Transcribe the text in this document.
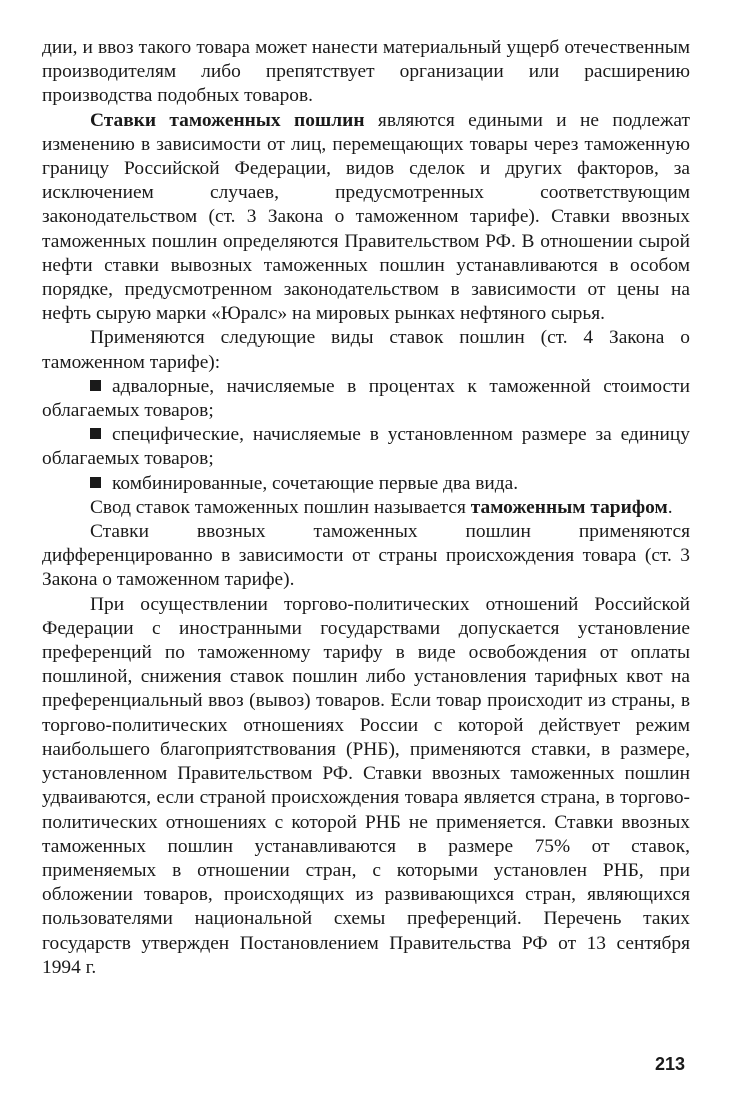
дии, и ввоз такого товара может нанести материальный ущерб отечественным производителям либо препятствует организации или расширению производства подобных товаров.

Ставки таможенных пошлин являются едиными и не подлежат изменению в зависимости от лиц, перемещающих товары через таможенную границу Российской Федерации, видов сделок и других факторов, за исключением случаев, предусмотренных соответствующим законодательством (ст. 3 Закона о таможенном тарифе). Ставки ввозных таможенных пошлин определяются Правительством РФ. В отношении сырой нефти ставки вывозных таможенных пошлин устанавливаются в особом порядке, предусмотренном законодательством в зависимости от цены на нефть сырую марки «Юралс» на мировых рынках нефтяного сырья.

Применяются следующие виды ставок пошлин (ст. 4 Закона о таможенном тарифе):

адвалорные, начисляемые в процентах к таможенной стоимости облагаемых товаров;
специфические, начисляемые в установленном размере за единицу облагаемых товаров;
комбинированные, сочетающие первые два вида.

Свод ставок таможенных пошлин называется таможенным тарифом.

Ставки ввозных таможенных пошлин применяются дифференцированно в зависимости от страны происхождения товара (ст. 3 Закона о таможенном тарифе).

При осуществлении торгово-политических отношений Российской Федерации с иностранными государствами допускается установление преференций по таможенному тарифу в виде освобождения от оплаты пошлиной, снижения ставок пошлин либо установления тарифных квот на преференциальный ввоз (вывоз) товаров. Если товар происходит из страны, в торгово-политических отношениях России с которой действует режим наибольшего благоприятствования (РНБ), применяются ставки, в размере, установленном Правительством РФ. Ставки ввозных таможенных пошлин удваиваются, если страной происхождения товара является страна, в торгово-политических отношениях с которой РНБ не применяется. Ставки ввозных таможенных пошлин устанавливаются в размере 75% от ставок, применяемых в отношении стран, с которыми установлен РНБ, при обложении товаров, происходящих из развивающихся стран, являющихся пользователями национальной схемы преференций. Перечень таких государств утвержден Постановлением Правительства РФ от 13 сентября 1994 г.

213
